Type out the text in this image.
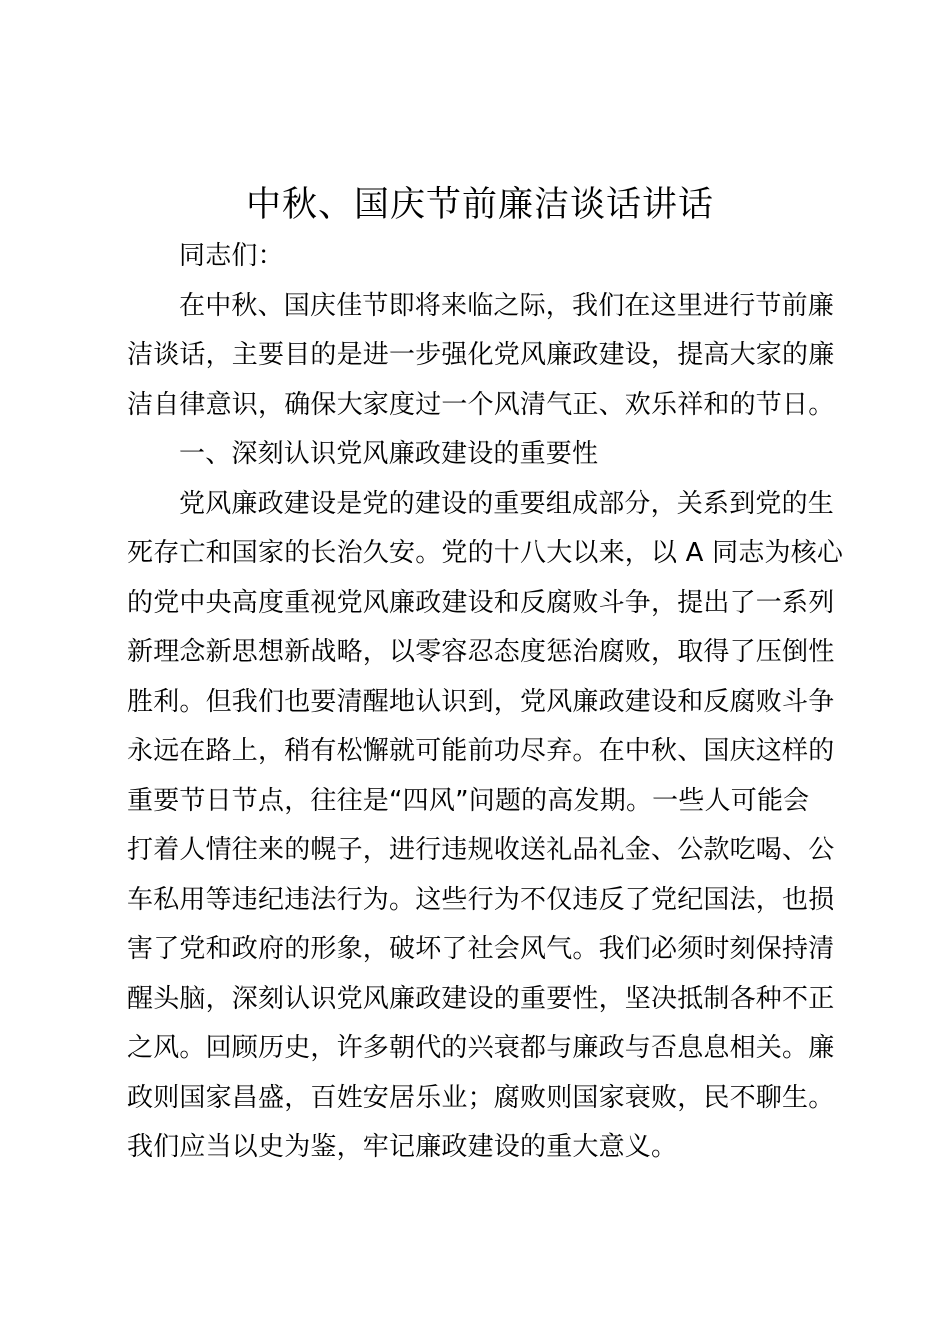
中秋、国庆节前廉洁谈话讲话
同志们：
在中秋、国庆佳节即将来临之际，我们在这里进行节前廉
洁谈话，主要目的是进一步强化党风廉政建设，提高大家的廉
洁自律意识，确保大家度过一个风清气正、欢乐祥和的节日。
一、深刻认识党风廉政建设的重要性
党风廉政建设是党的建设的重要组成部分，关系到党的生
死存亡和国家的长治久安。党的十八大以来，以 A 同志为核心
的党中央高度重视党风廉政建设和反腐败斗争，提出了一系列
新理念新思想新战略，以零容忍态度惩治腐败，取得了压倒性
胜利。但我们也要清醒地认识到，党风廉政建设和反腐败斗争
永远在路上，稍有松懈就可能前功尽弃。在中秋、国庆这样的
重要节日节点，往往是“四风”问题的高发期。一些人可能会
打着人情往来的幌子，进行违规收送礼品礼金、公款吃喝、公
车私用等违纪违法行为。这些行为不仅违反了党纪国法，也损
害了党和政府的形象，破坏了社会风气。我们必须时刻保持清
醒头脑，深刻认识党风廉政建设的重要性，坚决抵制各种不正
之风。回顾历史，许多朝代的兴衰都与廉政与否息息相关。廉
政则国家昌盛，百姓安居乐业；腐败则国家衰败，民不聊生。
我们应当以史为鉴，牢记廉政建设的重大意义。
